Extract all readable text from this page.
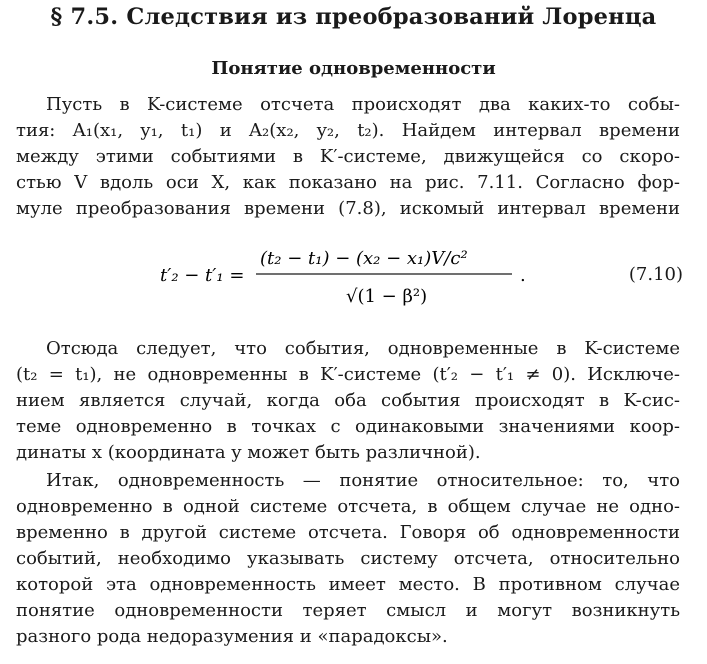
§ 7.5. Следствия из преобразований Лоренца
Понятие одновременности
Пусть в K-системе отсчета происходят два каких-то собы-
тия: A₁(x₁, y₁, t₁) и A₂(x₂, y₂, t₂). Найдем интервал времени
между этими событиями в K′-системе, движущейся со скоро-
стью V вдоль оси X, как показано на рис. 7.11. Согласно фор-
муле преобразования времени (7.8), искомый интервал времени
t′₂ − t′₁ =
(t₂ − t₁) − (x₂ − x₁)V/c²
√(1 − β²)
.	(7.10)
Отсюда следует, что события, одновременные в K-системе
(t₂ = t₁), не одновременны в K′-системе (t′₂ − t′₁ ≠ 0). Исключе-
нием является случай, когда оба события происходят в K-сис-
теме одновременно в точках с одинаковыми значениями коор-
динаты x (координата y может быть различной).
Итак, одновременность — понятие относительное: то, что
одновременно в одной системе отсчета, в общем случае не одно-
временно в другой системе отсчета. Говоря об одновременности
событий, необходимо указывать систему отсчета, относительно
которой эта одновременность имеет место. В противном случае
понятие одновременности теряет смысл и могут возникнуть
разного рода недоразумения и «парадоксы».
